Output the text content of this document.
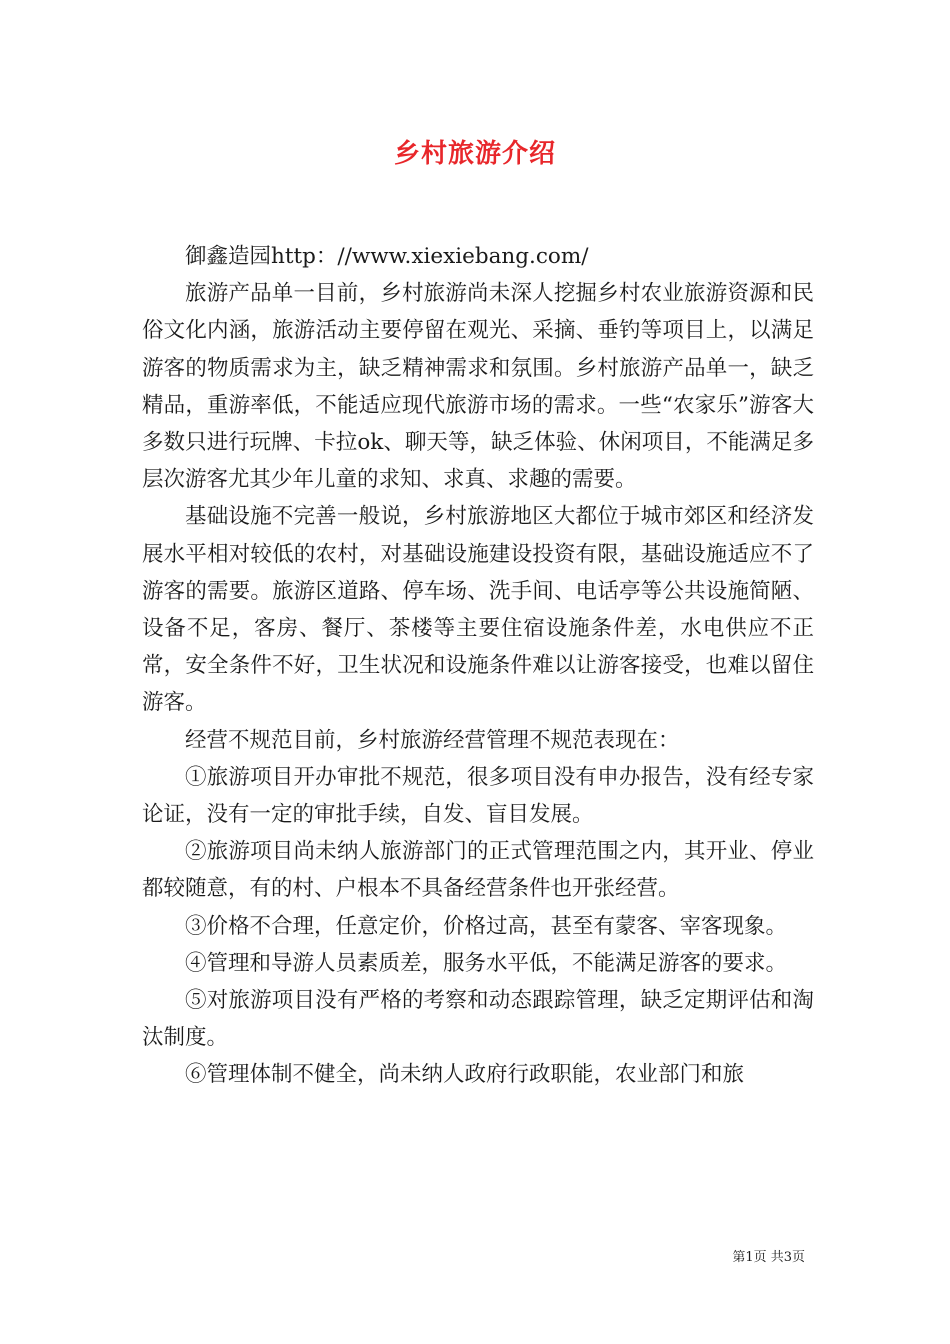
乡村旅游介绍

御鑫造园http：//www.xiexiebang.com/

旅游产品单一目前，乡村旅游尚未深人挖掘乡村农业旅游资源和民俗文化内涵，旅游活动主要停留在观光、采摘、垂钓等项目上，以满足游客的物质需求为主，缺乏精神需求和氛围。乡村旅游产品单一，缺乏精品，重游率低，不能适应现代旅游市场的需求。一些“农家乐”游客大多数只进行玩牌、卡拉ok、聊天等，缺乏体验、休闲项目，不能满足多层次游客尤其少年儿童的求知、求真、求趣的需要。

基础设施不完善一般说，乡村旅游地区大都位于城市郊区和经济发展水平相对较低的农村，对基础设施建设投资有限，基础设施适应不了游客的需要。旅游区道路、停车场、洗手间、电话亭等公共设施简陋、设备不足，客房、餐厅、茶楼等主要住宿设施条件差，水电供应不正常，安全条件不好，卫生状况和设施条件难以让游客接受，也难以留住游客。

经营不规范目前，乡村旅游经营管理不规范表现在：

①旅游项目开办审批不规范，很多项目没有申办报告，没有经专家论证，没有一定的审批手续，自发、盲目发展。

②旅游项目尚未纳人旅游部门的正式管理范围之内，其开业、停业都较随意，有的村、户根本不具备经营条件也开张经营。

③价格不合理，任意定价，价格过高，甚至有蒙客、宰客现象。

④管理和导游人员素质差，服务水平低，不能满足游客的要求。

⑤对旅游项目没有严格的考察和动态跟踪管理，缺乏定期评估和淘汰制度。

⑥管理体制不健全，尚未纳人政府行政职能，农业部门和旅

第1页 共3页
